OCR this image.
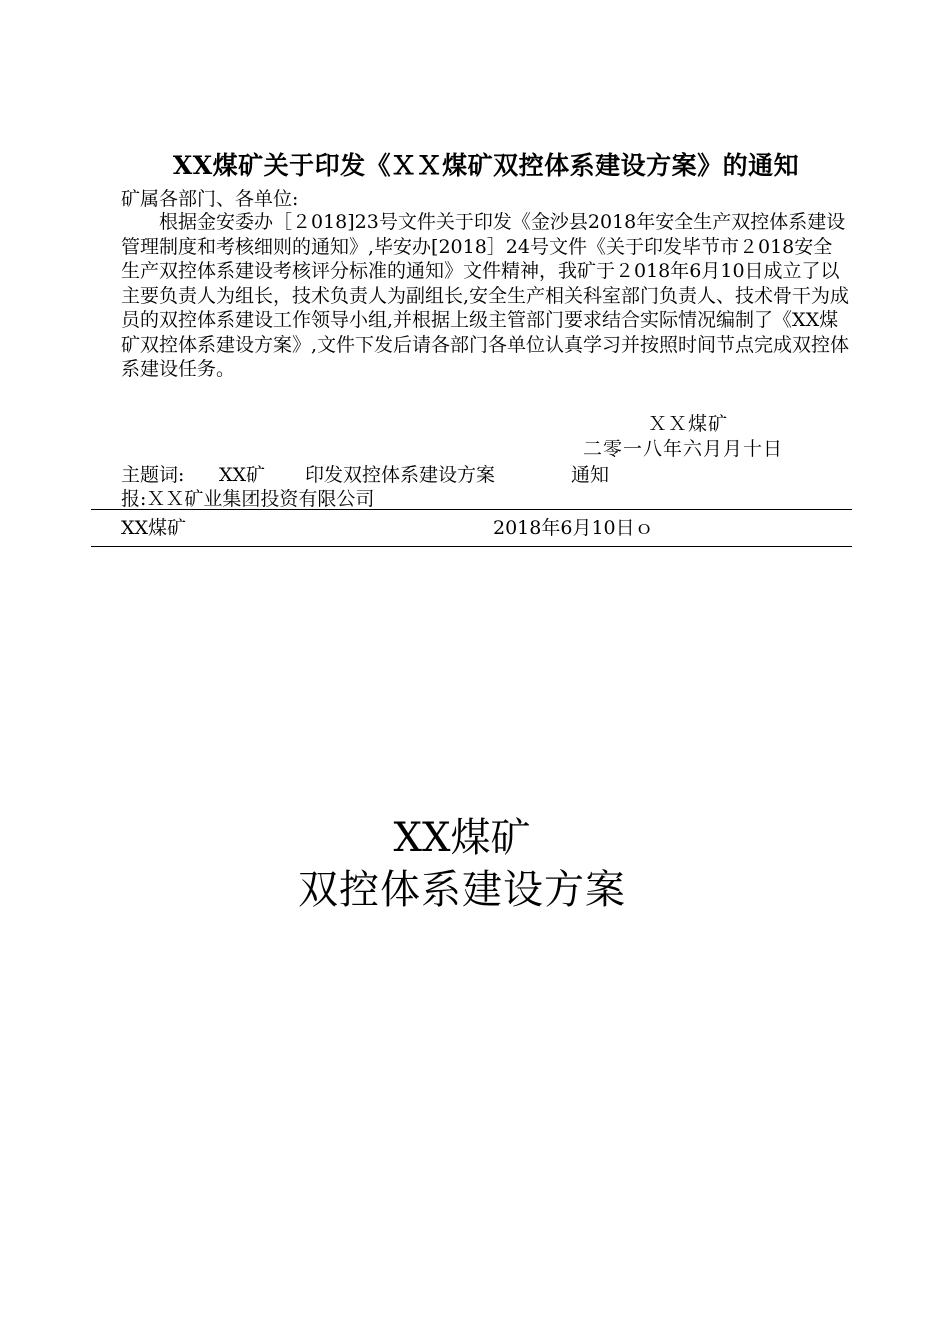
XX煤矿关于印发《ＸＸ煤矿双控体系建设方案》的通知
矿属各部门、各单位:
　　根据金安委办［２018]23号文件关于印发《金沙县2018年安全生产双控体系建设管理制度和考核细则的通知》,毕安办[2018］24号文件《关于印发毕节市２018安全生产双控体系建设考核评分标准的通知》文件精神，我矿于２018年6月10日成立了以主要负责人为组长，技术负责人为副组长,安全生产相关科室部门负责人、技术骨干为成员的双控体系建设工作领导小组,并根据上级主管部门要求结合实际情况编制了《XX煤矿双控体系建设方案》,文件下发后请各部门各单位认真学习并按照时间节点完成双控体系建设任务。
ＸＸ煤矿
二零一八年六月月十日
主题词:	XX矿	印发双控体系建设方案	通知
报:ＸＸ矿业集团投资有限公司
XX煤矿	2018年6月10日ｏ
XX煤矿
双控体系建设方案
